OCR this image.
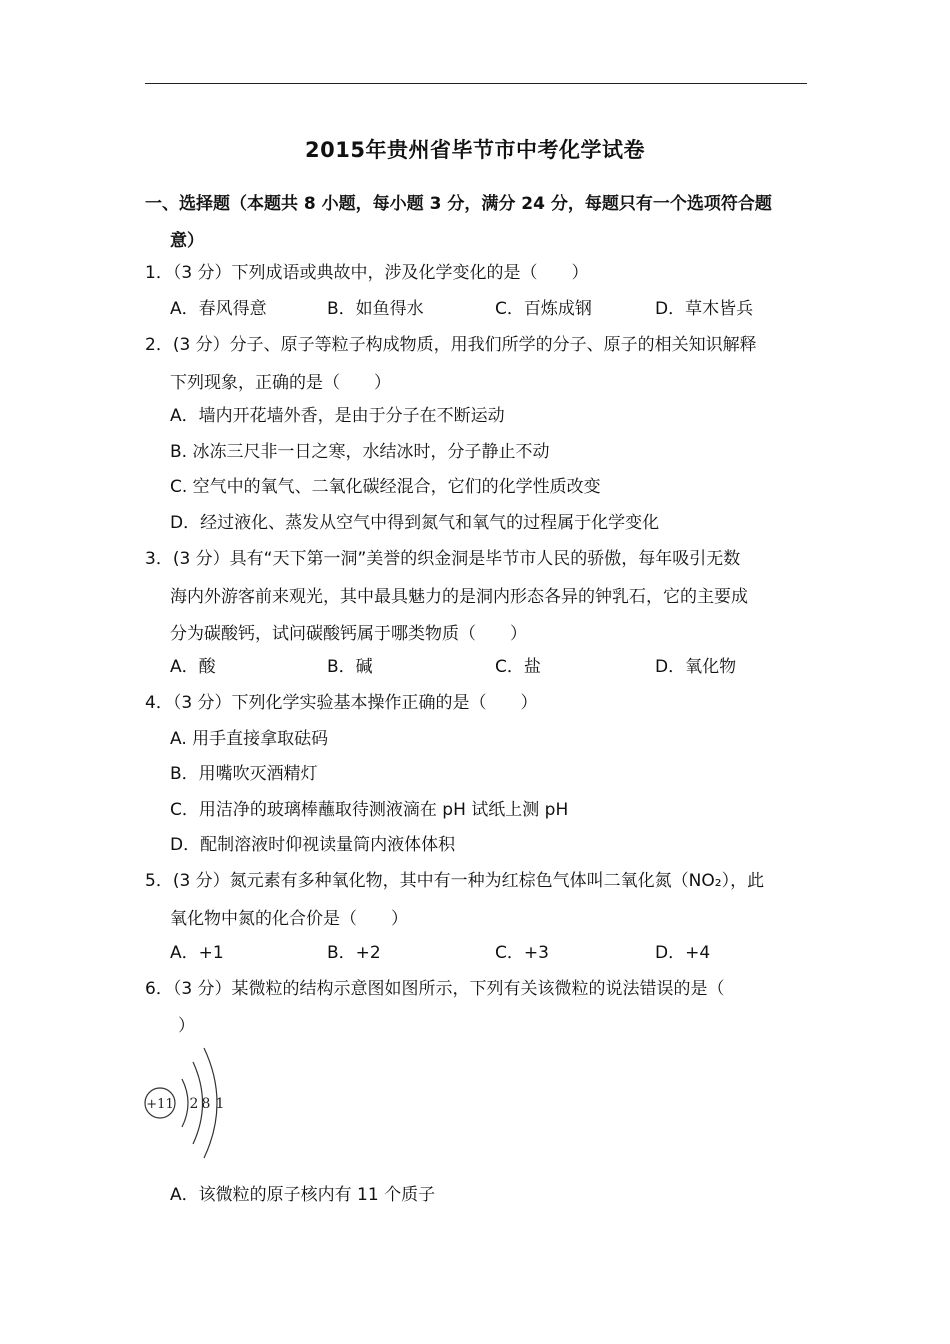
2015年贵州省毕节市中考化学试卷
一、选择题（本题共 8 小题，每小题 3 分，满分 24 分，每题只有一个选项符合题
意）
1．（3 分）下列成语或典故中，涉及化学变化的是（　　）
A．春风得意	B．如鱼得水	C．百炼成钢	D．草木皆兵
2．(3 分）分子、原子等粒子构成物质，用我们所学的分子、原子的相关知识解释
下列现象，正确的是（　　）
A．墙内开花墙外香，是由于分子在不断运动
B. 冰冻三尺非一日之寒，水结冰时，分子静止不动
C. 空气中的氧气、二氧化碳经混合，它们的化学性质改变
D．经过液化、蒸发从空气中得到氮气和氧气的过程属于化学变化
3．(3 分）具有“天下第一洞”美誉的织金洞是毕节市人民的骄傲，每年吸引无数
海内外游客前来观光，其中最具魅力的是洞内形态各异的钟乳石，它的主要成
分为碳酸钙，试问碳酸钙属于哪类物质（　　）
A．酸	B．碱	C．盐	D．氧化物
4．（3 分）下列化学实验基本操作正确的是（　　）
A. 用手直接拿取砝码
B．用嘴吹灭酒精灯
C．用洁净的玻璃棒蘸取待测液滴在 pH 试纸上测 pH
D．配制溶液时仰视读量筒内液体体积
5．(3 分）氮元素有多种氧化物，其中有一种为红棕色气体叫二氧化氮（NO₂），此
氧化物中氮的化合价是（　　）
A．+1	B．+2	C．+3	D．+4
6．（3 分）某微粒的结构示意图如图所示，下列有关该微粒的说法错误的是（
）
+11 2 8 1
A．该微粒的原子核内有 11 个质子
